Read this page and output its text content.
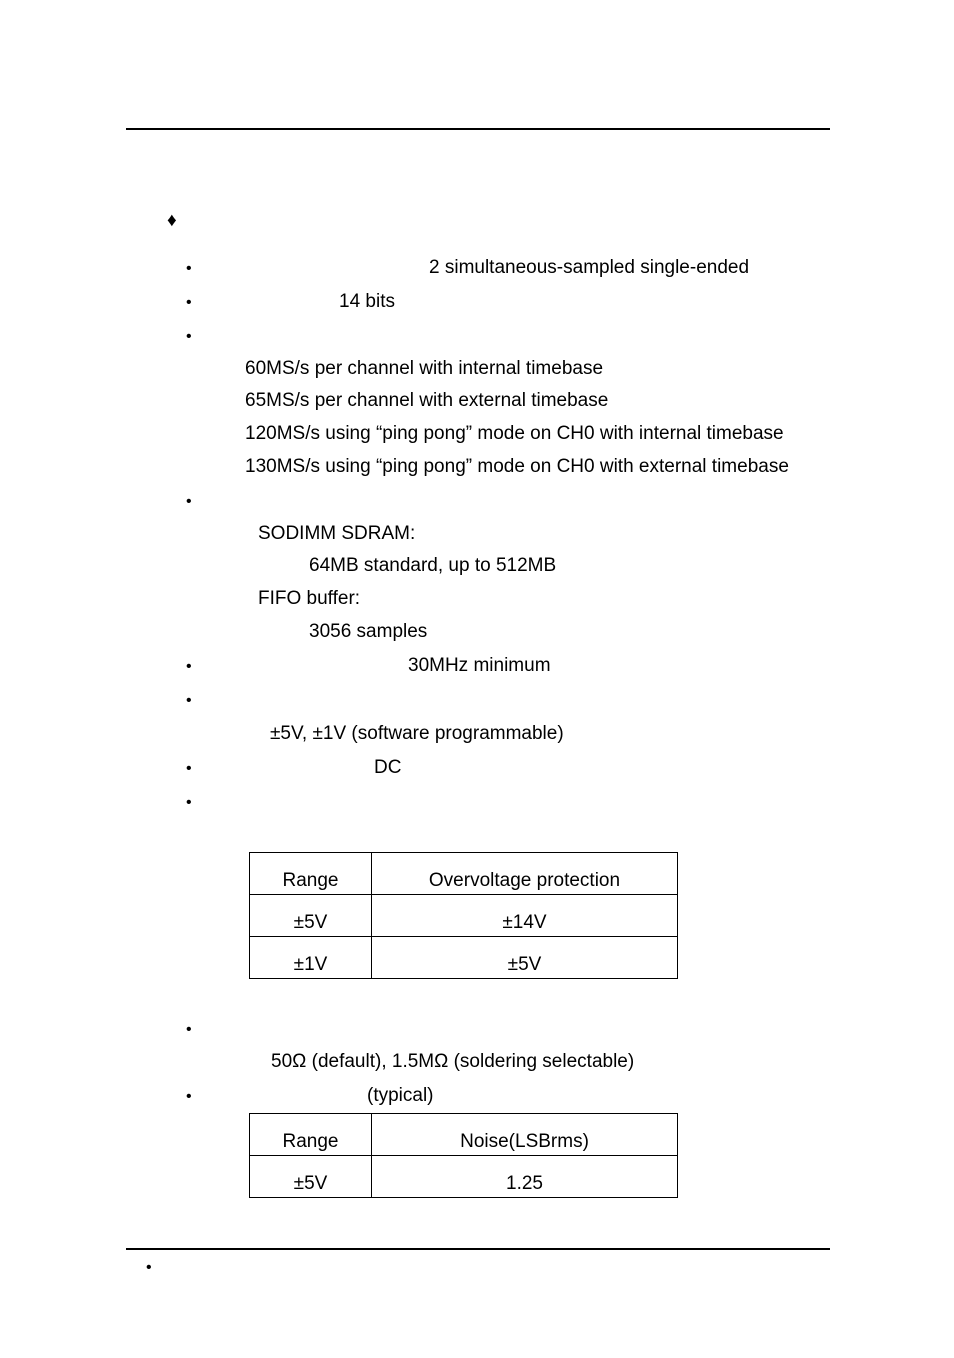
♦
•	2 simultaneous-sampled single-ended
•	14 bits
•
60MS/s per channel with internal timebase
65MS/s per channel with external timebase
120MS/s using “ping pong” mode on CH0 with internal timebase
130MS/s using “ping pong” mode on CH0 with external timebase
•
SODIMM SDRAM:
64MB standard, up to 512MB
FIFO buffer:
3056 samples
•	30MHz minimum
•
±5V, ±1V (software programmable)
•	DC
•
Range	Overvoltage protection
±5V	±14V
±1V	±5V
•
50Ω (default), 1.5MΩ (soldering selectable)
•	(typical)
Range	Noise(LSBrms)
±5V	1.25
•
